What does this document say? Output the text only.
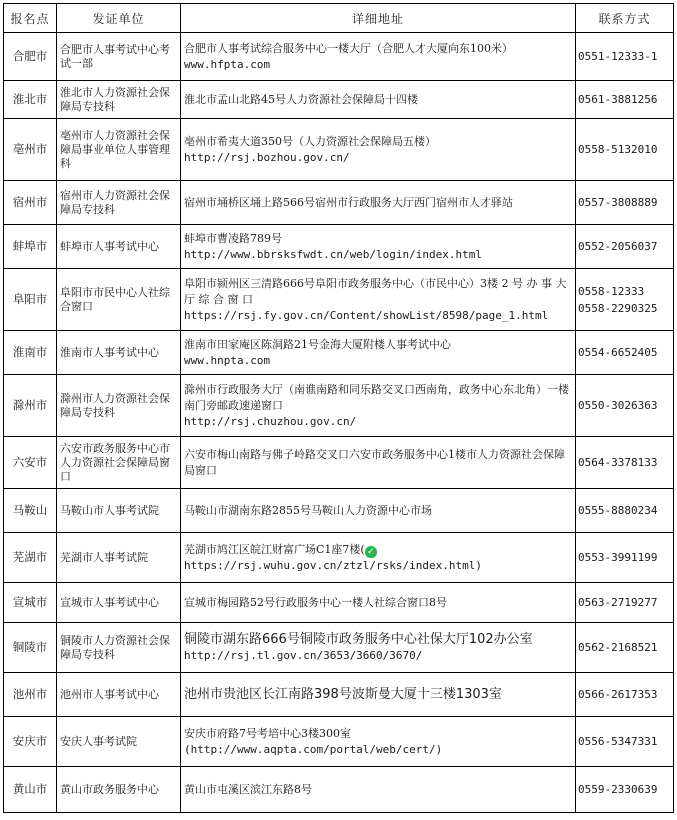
报名点	发证单位	详细地址	联系方式
合肥市	合肥市人事考试中心考试一部	合肥市人事考试综合服务中心一楼大厅（合肥人才大厦向东100米）
www.hfpta.com	0551-12333-1

淮北市	淮北市人力资源社会保障局专技科	淮北市孟山北路45号人力资源社会保障局十四楼	0561-3881256

亳州市	亳州市人力资源社会保障局事业单位人事管理科	亳州市希夷大道350号（人力资源社会保障局五楼）
http://rsj.bozhou.gov.cn/	0558-5132010

宿州市	宿州市人力资源社会保障局专技科	宿州市埇桥区埇上路566号宿州市行政服务大厅西门宿州市人才驿站	0557-3808889

蚌埠市	蚌埠市人事考试中心	蚌埠市曹凌路789号
http://www.bbrsksfwdt.cn/web/login/index.html	0552-2056037

阜阳市	阜阳市市民中心人社综合窗口	阜阳市颍州区三清路666号阜阳市政务服务中心（市民中心）3楼 2 号 办 事 大 厅 综 合 窗 口
https://rsj.fy.gov.cn/Content/showList/8598/page_1.html	0558-12333
0558-2290325

淮南市	淮南市人事考试中心	淮南市田家庵区陈洞路21号金海大厦附楼人事考试中心
www.hnpta.com	0554-6652405

滁州市	滁州市人力资源社会保障局专技科	滁州市行政服务大厅（南谯南路和同乐路交叉口西南角，政务中心东北角）一楼南门旁邮政速递窗口
http://rsj.chuzhou.gov.cn/	0550-3026363

六安市	六安市政务服务中心市人力资源社会保障局窗口	六安市梅山南路与佛子岭路交叉口六安市政务服务中心1楼市人力资源社会保障局窗口	0564-3378133

马鞍山	马鞍山市人事考试院	马鞍山市湖南东路2855号马鞍山人力资源中心市场	0555-8880234

芜湖市	芜湖市人事考试院	芜湖市鸠江区皖江财富广场C1座7楼( ✓
https://rsj.wuhu.gov.cn/ztzl/rsks/index.html)	0553-3991199

宣城市	宣城市人事考试中心	宣城市梅园路52号行政服务中心一楼人社综合窗口8号	0563-2719277

铜陵市	铜陵市人力资源社会保障局专技科	铜陵市湖东路666号铜陵市政务服务中心社保大厅102办公室
http://rsj.tl.gov.cn/3653/3660/3670/	0562-2168521

池州市	池州市人事考试中心	池州市贵池区长江南路398号波斯曼大厦十三楼1303室	0566-2617353

安庆市	安庆人事考试院	安庆市府路7号考培中心3楼300室
(http://www.aqpta.com/portal/web/cert/)	0556-5347331

黄山市	黄山市政务服务中心	黄山市屯溪区滨江东路8号	0559-2330639
